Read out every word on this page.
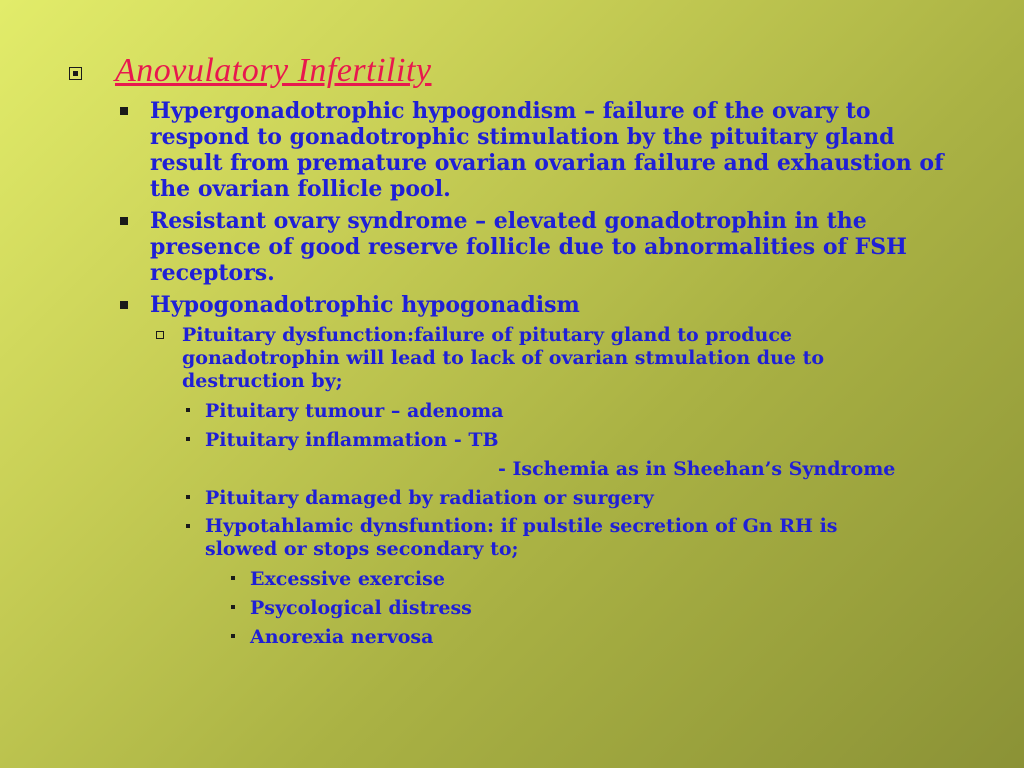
Anovulatory Infertility
Hypergonadotrophic hypogondism – failure of the ovary to respond to gonadotrophic stimulation by the pituitary gland result from premature ovarian ovarian failure and exhaustion of the ovarian follicle pool.
Resistant ovary syndrome – elevated gonadotrophin in the presence of good reserve follicle due to abnormalities of FSH receptors.
Hypogonadotrophic hypogonadism
Pituitary dysfunction:failure of pitutary gland to produce gonadotrophin will lead to lack of ovarian stmulation due to destruction by;
Pituitary tumour – adenoma
Pituitary inflammation - TB
- Ischemia as in Sheehan’s Syndrome
Pituitary damaged by radiation or surgery
Hypotahlamic dynsfuntion: if pulstile secretion of Gn RH is slowed or stops secondary to;
Excessive exercise
Psycological distress
Anorexia nervosa
